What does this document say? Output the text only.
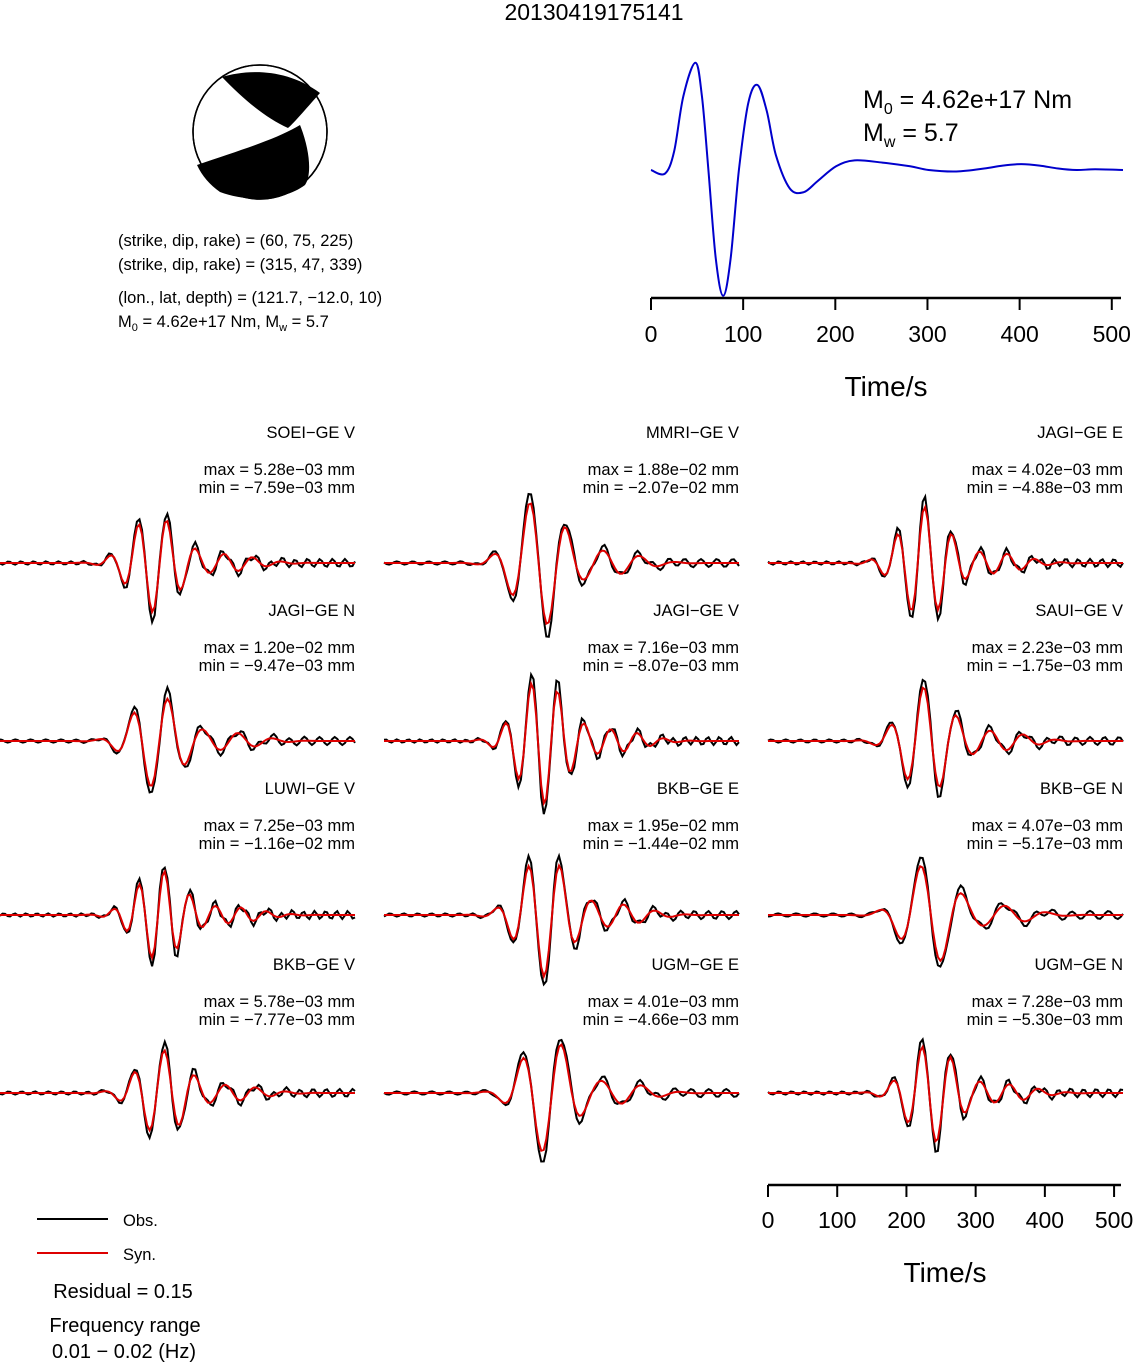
20130419175141
(strike, dip, rake) = (60, 75, 225)
(strike, dip, rake) = (315, 47, 339)
(lon., lat, depth) = (121.7, −12.0, 10)
$M_0 = 4.62e+17$ Nm, $M_w = 5.7$
$M_0 = 4.62e+17$ Nm
$M_w = 5.7$
0	100 200 300 400 500
Time/s
SOEI−GE V
max = 5.28e−03 mm
min = −7.59e−03 mm
MMRI−GE V
max = 1.88e−02 mm
min = −2.07e−02 mm
JAGI−GE E
max = 4.02e−03 mm
min = −4.88e−03 mm
JAGI−GE N
max = 1.20e−02 mm
min = −9.47e−03 mm
JAGI−GE V
max = 7.16e−03 mm
min = −8.07e−03 mm
SAUI−GE V
max = 2.23e−03 mm
min = −1.75e−03 mm
LUWI−GE V
max = 7.25e−03 mm
min = −1.16e−02 mm
BKB−GE E
max = 1.95e−02 mm
min = −1.44e−02 mm
BKB−GE N
max = 4.07e−03 mm
min = −5.17e−03 mm
BKB−GE V
max = 5.78e−03 mm
min = −7.77e−03 mm
UGM−GE E
max = 4.01e−03 mm
min = −4.66e−03 mm
UGM−GE N
max = 7.28e−03 mm
min = −5.30e−03 mm
0 100 200 300 400 500
Time/s
Obs.
Syn.
Residual = 0.15
Frequency range
0.01 − 0.02 (Hz)
